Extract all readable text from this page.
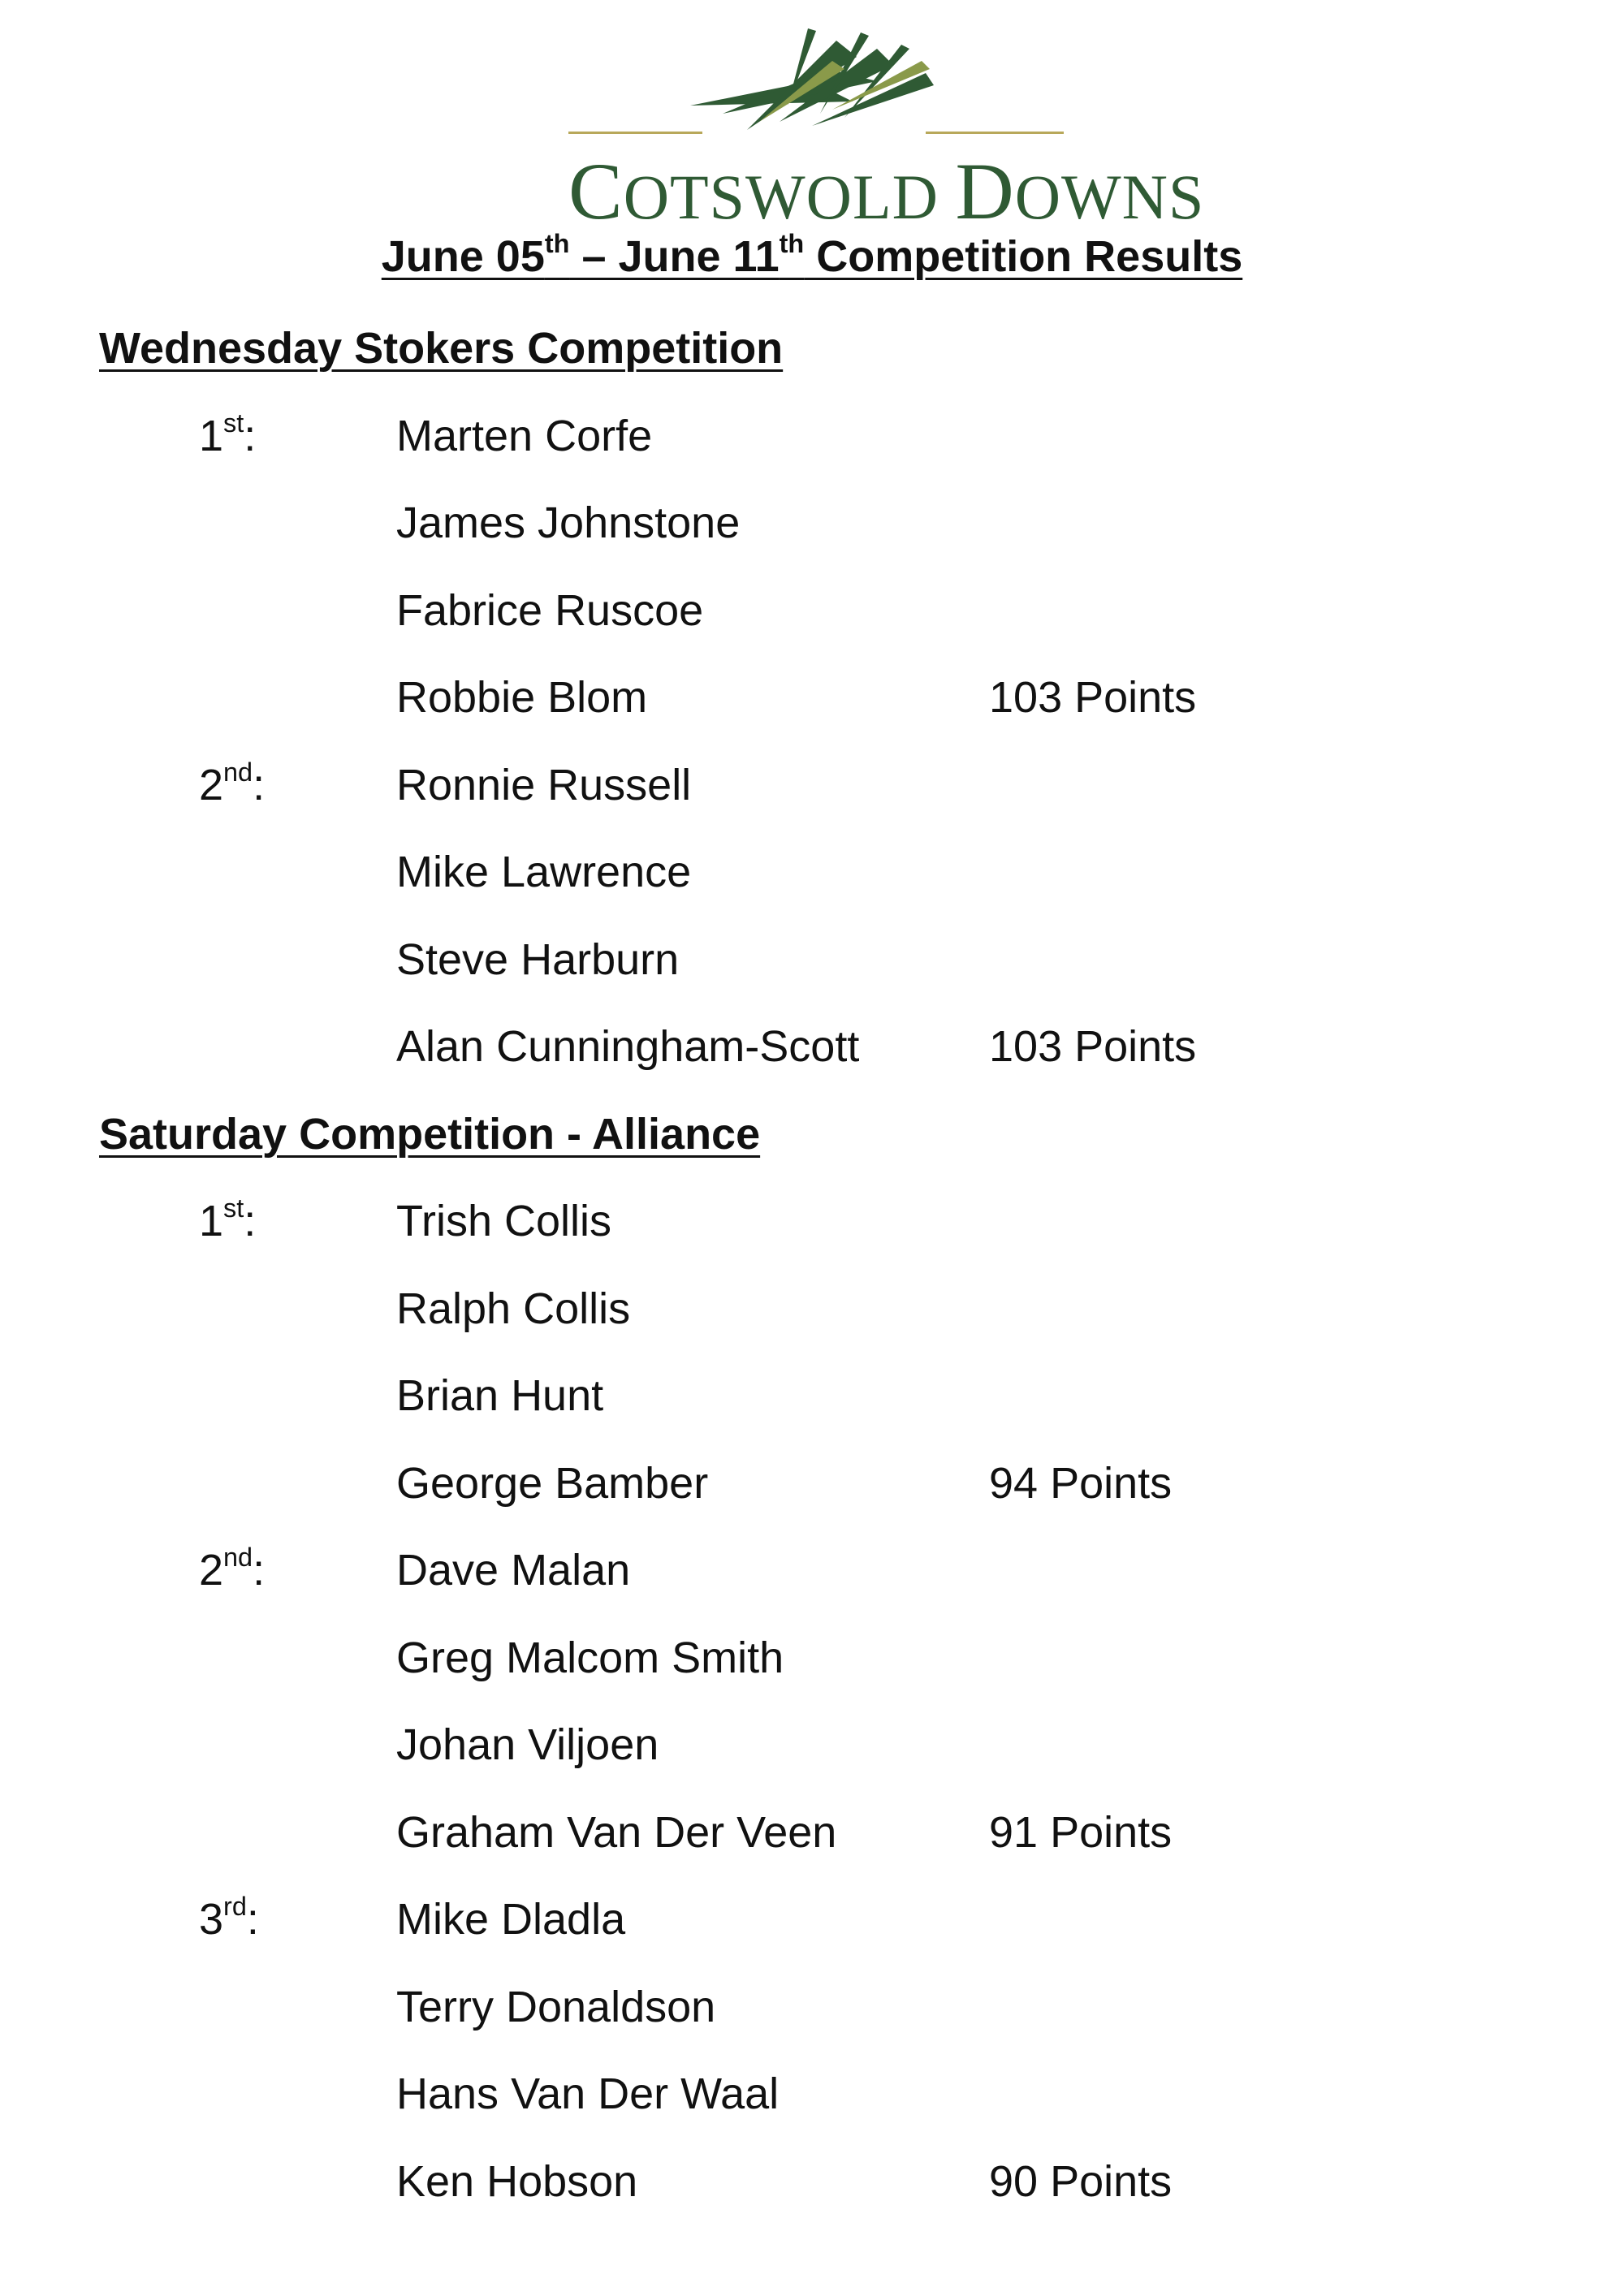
COTSWOLD DOWNS
June 05th – June 11th Competition Results
Wednesday Stokers Competition
1st:	Marten Corfe
James Johnstone
Fabrice Ruscoe
Robbie Blom	103 Points
2nd:	Ronnie Russell
Mike Lawrence
Steve Harburn
Alan Cunningham-Scott	103 Points
Saturday Competition - Alliance
1st:	Trish Collis
Ralph Collis
Brian Hunt
George Bamber	94 Points
2nd:	Dave Malan
Greg Malcom Smith
Johan Viljoen
Graham Van Der Veen	91 Points
3rd:	Mike Dladla
Terry Donaldson
Hans Van Der Waal
Ken Hobson	90 Points
